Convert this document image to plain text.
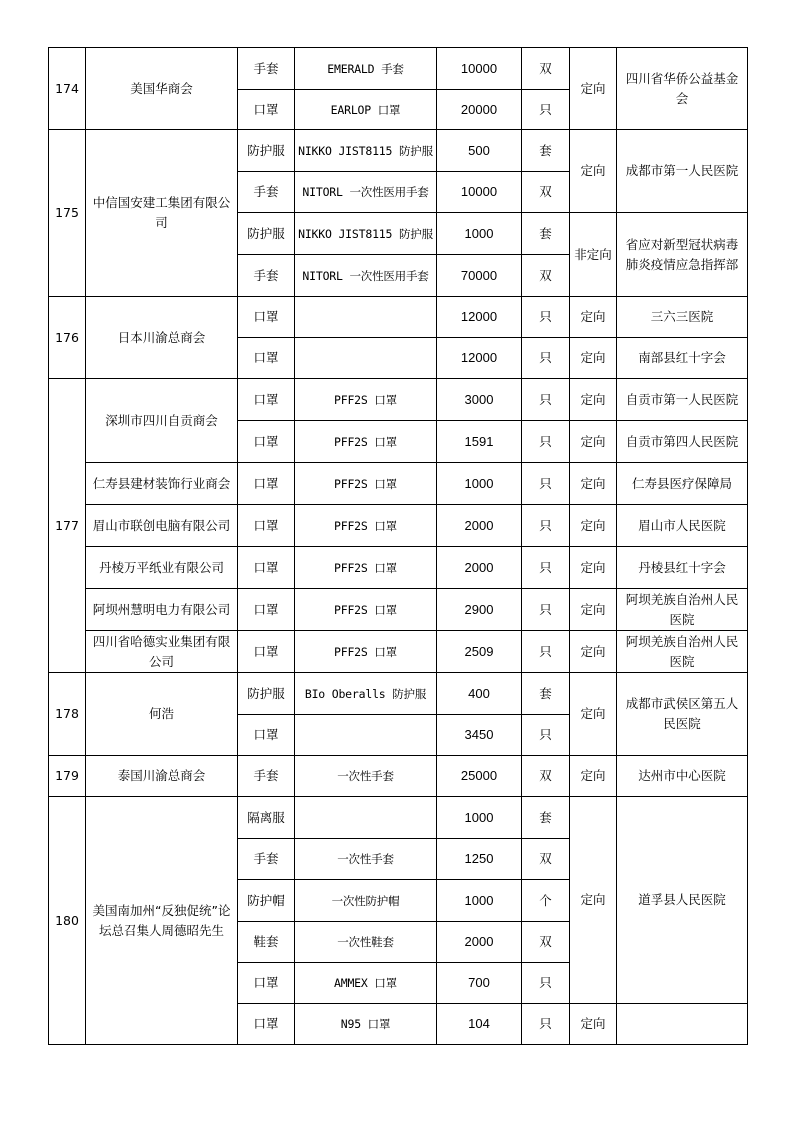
174	美国华商会	手套	EMERALD 手套	10000	双	定向	四川省华侨公益基金会
		口罩	EARLOP 口罩	20000	只		
175	中信国安建工集团有限公司	防护服	NIKKO JIST8115 防护服	500	套	定向	成都市第一人民医院
		手套	NITORL 一次性医用手套	10000	双		
		防护服	NIKKO JIST8115 防护服	1000	套	非定向	省应对新型冠状病毒肺炎疫情应急指挥部
		手套	NITORL 一次性医用手套	70000	双		
176	日本川渝总商会	口罩		12000	只	定向	三六三医院
		口罩		12000	只	定向	南部县红十字会
177	深圳市四川自贡商会	口罩	PFF2S 口罩	3000	只	定向	自贡市第一人民医院
		口罩	PFF2S 口罩	1591	只	定向	自贡市第四人民医院
	仁寿县建材装饰行业商会	口罩	PFF2S 口罩	1000	只	定向	仁寿县医疗保障局
	眉山市联创电脑有限公司	口罩	PFF2S 口罩	2000	只	定向	眉山市人民医院
	丹棱万平纸业有限公司	口罩	PFF2S 口罩	2000	只	定向	丹棱县红十字会
	阿坝州慧明电力有限公司	口罩	PFF2S 口罩	2900	只	定向	阿坝羌族自治州人民医院
	四川省哈德实业集团有限公司	口罩	PFF2S 口罩	2509	只	定向	阿坝羌族自治州人民医院
178	何浩	防护服	BIo Oberalls 防护服	400	套	定向	成都市武侯区第五人民医院
		口罩		3450	只		
179	泰国川渝总商会	手套	一次性手套	25000	双	定向	达州市中心医院
180	美国南加州“反独促统”论坛总召集人周德昭先生	隔离服		1000	套	定向	道孚县人民医院
		手套	一次性手套	1250	双		
		防护帽	一次性防护帽	1000	个		
		鞋套	一次性鞋套	2000	双		
		口罩	AMMEX 口罩	700	只		
		口罩	N95 口罩	104	只	定向	
